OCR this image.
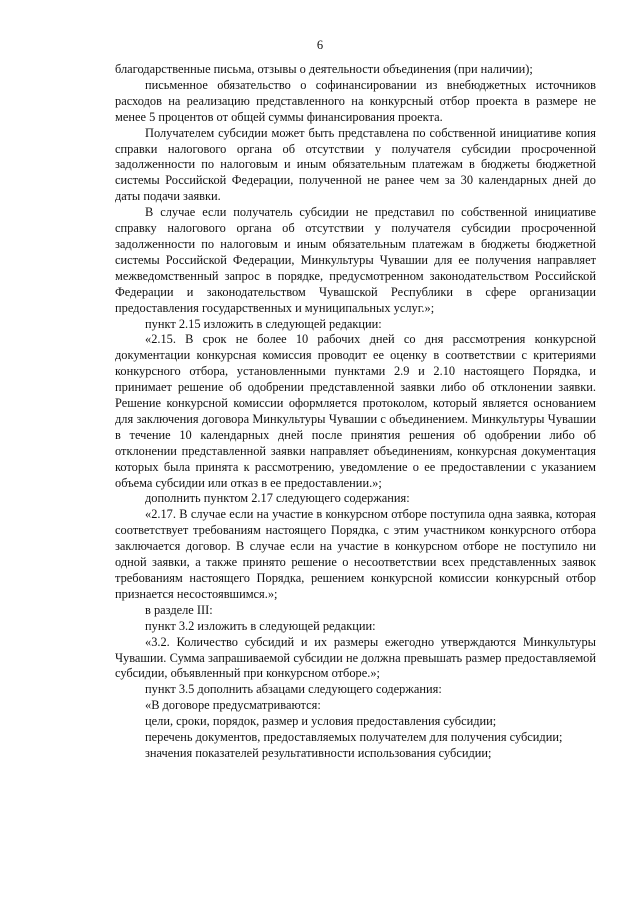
6

благодарственные письма, отзывы о деятельности объединения (при наличии);

письменное обязательство о софинансировании из внебюджетных источников расходов на реализацию представленного на конкурсный отбор проекта в размере не менее 5 процентов от общей суммы финансирования проекта.

Получателем субсидии может быть представлена по собственной инициативе копия справки налогового органа об отсутствии у получателя субсидии просроченной задолженности по налоговым и иным обязательным платежам в бюджеты бюджетной системы Российской Федерации, полученной не ранее чем за 30 календарных дней до даты подачи заявки.

В случае если получатель субсидии не представил по собственной инициативе справку налогового органа об отсутствии у получателя субсидии просроченной задолженности по налоговым и иным обязательным платежам в бюджеты бюджетной системы Российской Федерации, Минкультуры Чувашии для ее получения направляет межведомственный запрос в порядке, предусмотренном законодательством Российской Федерации и законодательством Чувашской Республики в сфере организации предоставления государственных и муниципальных услуг.»;

пункт 2.15 изложить в следующей редакции:

«2.15. В срок не более 10 рабочих дней со дня рассмотрения конкурсной документации конкурсная комиссия проводит ее оценку в соответствии с критериями конкурсного отбора, установленными пунктами 2.9 и 2.10 настоящего Порядка, и принимает решение об одобрении представленной заявки либо об отклонении заявки. Решение конкурсной комиссии оформляется протоколом, который является основанием для заключения договора Минкультуры Чувашии с объединением. Минкультуры Чувашии в течение 10 календарных дней после принятия решения об одобрении либо об отклонении представленной заявки направляет объединениям, конкурсная документация которых была принята к рассмотрению, уведомление о ее предоставлении с указанием объема субсидии или отказ в ее предоставлении.»;

дополнить пунктом 2.17 следующего содержания:

«2.17. В случае если на участие в конкурсном отборе поступила одна заявка, которая соответствует требованиям настоящего Порядка, с этим участником конкурсного отбора заключается договор. В случае если на участие в конкурсном отборе не поступило ни одной заявки, а также принято решение о несоответствии всех представленных заявок требованиям настоящего Порядка, решением конкурсной комиссии конкурсный отбор признается несостоявшимся.»;

в разделе III:

пункт 3.2 изложить в следующей редакции:

«3.2. Количество субсидий и их размеры ежегодно утверждаются Минкультуры Чувашии. Сумма запрашиваемой субсидии не должна превышать размер предоставляемой субсидии, объявленный при конкурсном отборе.»;

пункт 3.5 дополнить абзацами следующего содержания:

«В договоре предусматриваются:

цели, сроки, порядок, размер и условия предоставления субсидии;

перечень документов, предоставляемых получателем для получения субсидии;

значения показателей результативности использования субсидии;
